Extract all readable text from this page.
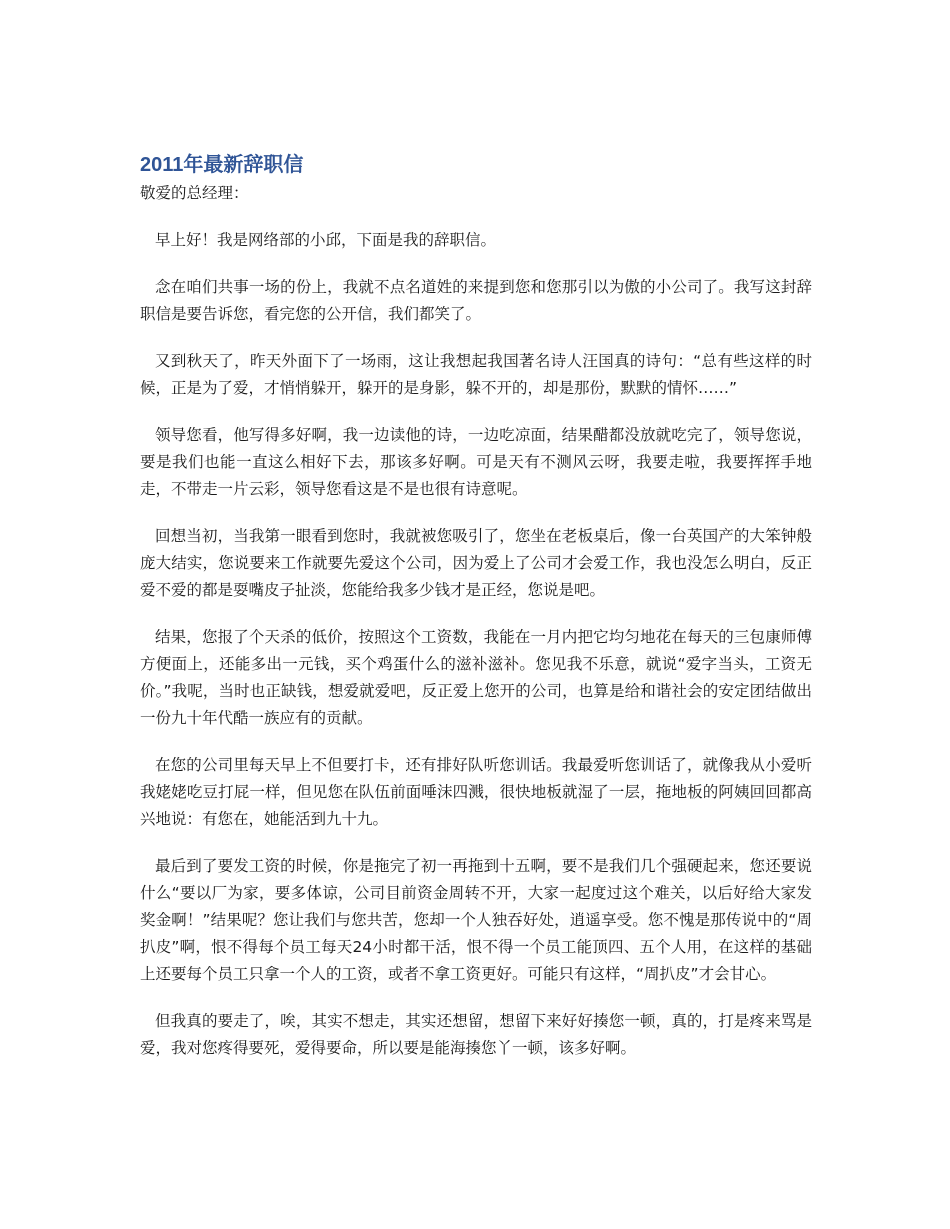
2011年最新辞职信

敬爱的总经理：

早上好！我是网络部的小邱，下面是我的辞职信。

念在咱们共事一场的份上，我就不点名道姓的来提到您和您那引以为傲的小公司了。我写这封辞职信是要告诉您，看完您的公开信，我们都笑了。

又到秋天了，昨天外面下了一场雨，这让我想起我国著名诗人汪国真的诗句：“总有些这样的时候，正是为了爱，才悄悄躲开，躲开的是身影，躲不开的，却是那份，默默的情怀……”

领导您看，他写得多好啊，我一边读他的诗，一边吃凉面，结果醋都没放就吃完了，领导您说，要是我们也能一直这么相好下去，那该多好啊。可是天有不测风云呀，我要走啦，我要挥挥手地走，不带走一片云彩，领导您看这是不是也很有诗意呢。

回想当初，当我第一眼看到您时，我就被您吸引了，您坐在老板桌后，像一台英国产的大笨钟般庞大结实，您说要来工作就要先爱这个公司，因为爱上了公司才会爱工作，我也没怎么明白，反正爱不爱的都是耍嘴皮子扯淡，您能给我多少钱才是正经，您说是吧。

结果，您报了个天杀的低价，按照这个工资数，我能在一月内把它均匀地花在每天的三包康师傅方便面上，还能多出一元钱，买个鸡蛋什么的滋补滋补。您见我不乐意，就说“爱字当头，工资无价。”我呢，当时也正缺钱，想爱就爱吧，反正爱上您开的公司，也算是给和谐社会的安定团结做出一份九十年代酷一族应有的贡献。

在您的公司里每天早上不但要打卡，还有排好队听您训话。我最爱听您训话了，就像我从小爱听我姥姥吃豆打屁一样，但见您在队伍前面唾沫四溅，很快地板就湿了一层，拖地板的阿姨回回都高兴地说：有您在，她能活到九十九。

最后到了要发工资的时候，你是拖完了初一再拖到十五啊，要不是我们几个强硬起来，您还要说什么“要以厂为家，要多体谅，公司目前资金周转不开，大家一起度过这个难关，以后好给大家发奖金啊！”结果呢？您让我们与您共苦，您却一个人独吞好处，逍遥享受。您不愧是那传说中的“周扒皮”啊，恨不得每个员工每天24小时都干活，恨不得一个员工能顶四、五个人用，在这样的基础上还要每个员工只拿一个人的工资，或者不拿工资更好。可能只有这样，“周扒皮”才会甘心。

但我真的要走了，唉，其实不想走，其实还想留，想留下来好好揍您一顿，真的，打是疼来骂是爱，我对您疼得要死，爱得要命，所以要是能海揍您丫一顿，该多好啊。
